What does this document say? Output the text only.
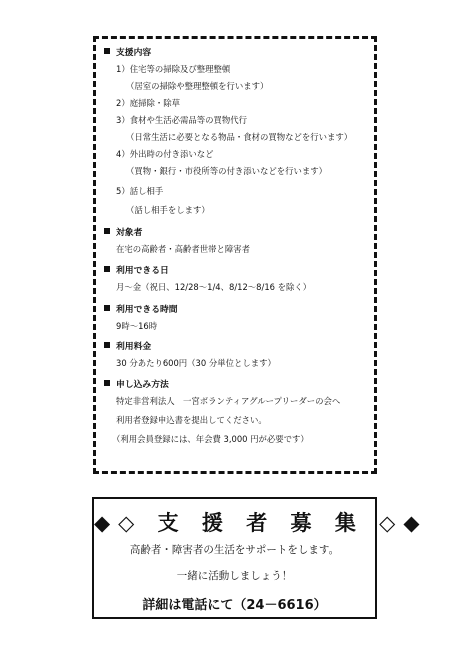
支援内容
1）住宅等の掃除及び整理整頓
（居室の掃除や整理整頓を行います）
2）庭掃除・除草
3）食材や生活必需品等の買物代行
（日常生活に必要となる物品・食材の買物などを行います）
4）外出時の付き添いなど
（買物・銀行・市役所等の付き添いなどを行います）
5）話し相手
（話し相手をします）
対象者
在宅の高齢者・高齢者世帯と障害者
利用できる日
月～金（祝日、12/28～1/4、8/12～8/16 を除く）
利用できる時間
9時～16時
利用料金
30 分あたり600円（30 分単位とします）
申し込み方法
特定非営利法人　一宮ボランティアグループリーダーの会へ
利用者登録申込書を提出してください。
（利用会員登録には、年会費 3,000 円が必要です）
◆◇ 支 援 者 募 集 ◇◆
高齢者・障害者の生活をサポートをします。
一緒に活動しましょう！
詳細は電話にて（24－6616）
